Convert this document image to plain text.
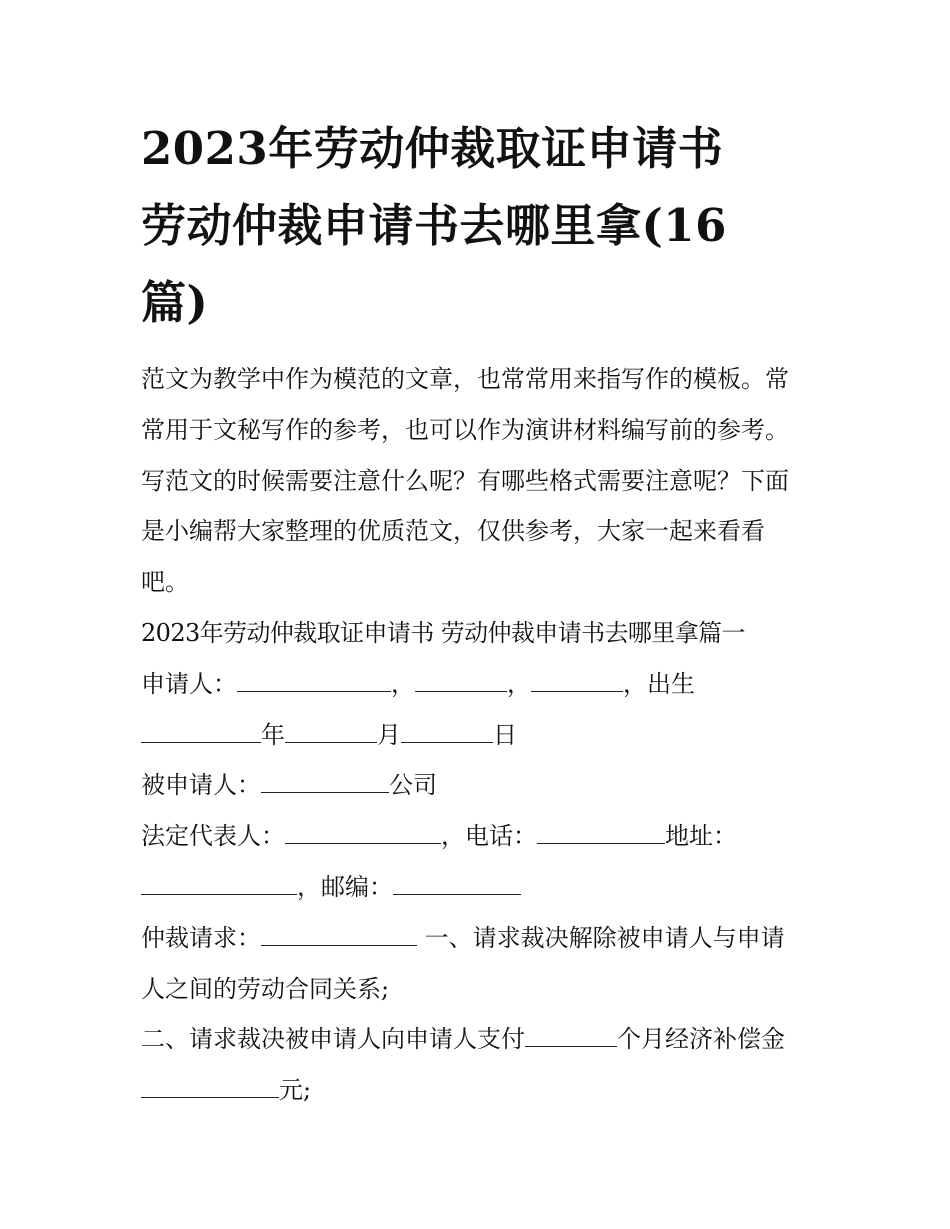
2023年劳动仲裁取证申请书
劳动仲裁申请书去哪里拿(16
篇)
范文为教学中作为模范的文章，也常常用来指写作的模板。常
常用于文秘写作的参考，也可以作为演讲材料编写前的参考。
写范文的时候需要注意什么呢？有哪些格式需要注意呢？下面
是小编帮大家整理的优质范文，仅供参考，大家一起来看看
吧。
2023年劳动仲裁取证申请书 劳动仲裁申请书去哪里拿篇一
申请人：	，	，	，出生
年	月	日
被申请人：	公司
法定代表人：	，电话：	地址：
，邮编：
仲裁请求：	一、请求裁决解除被申请人与申请
人之间的劳动合同关系;
二、请求裁决被申请人向申请人支付	个月经济补偿金
元;
